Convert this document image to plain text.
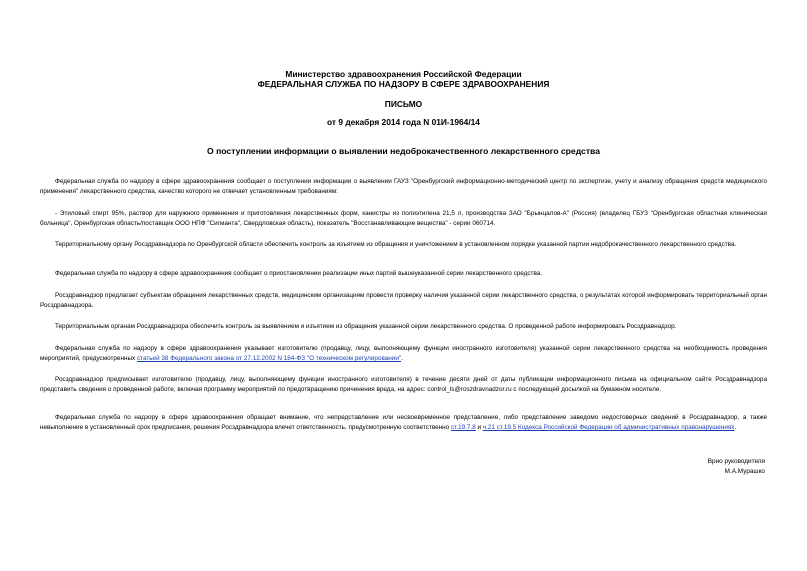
Министерство здравоохранения Российской Федерации
ФЕДЕРАЛЬНАЯ СЛУЖБА ПО НАДЗОРУ В СФЕРЕ ЗДРАВООХРАНЕНИЯ
ПИСЬМО
от 9 декабря 2014 года N 01И-1964/14
О поступлении информации о выявлении недоброкачественного лекарственного средства

Федеральная служба по надзору в сфере здравоохранения сообщает о поступлении информации о выявлении ГАУЗ "Оренбургский информационно-методический центр по экспертизе, учету и анализу обращения средств медицинского применения" лекарственного средства, качество которого не отвечает установленным требованиям:

- Этиловый спирт 95%, раствор для наружного применения и приготовления лекарственных форм, канистры из полиэтилена 21,5 л, производства ЗАО "Брынцалов-А" (Россия) (владелец ГБУЗ "Оренбургская областная клиническая больница", Оренбургская область/поставщик ООО НПФ "Сигманта", Свердловская область), показатель "Восстанавливающие вещества" - серии 060714.

Территориальному органу Росздравнадзора по Оренбургской области обеспечить контроль за изъятием из обращения и уничтожением в установленном порядке указанной партии недоброкачественного лекарственного средства.

Федеральная служба по надзору в сфере здравоохранения сообщает о приостановлении реализации иных партий вышеуказанной серии лекарственного средства.

Росздравнадзор предлагает субъектам обращения лекарственных средств, медицинским организациям провести проверку наличия указанной серии лекарственного средства, о результатах которой информировать территориальный орган Росздравнадзора.

Территориальным органам Росздравнадзора обеспечить контроль за выявлением и изъятием из обращения указанной серии лекарственного средства. О проведенной работе информировать Росздравнадзор.

Федеральная служба по надзору в сфере здравоохранения указывает изготовителю (продавцу, лицу, выполняющему функции иностранного изготовителя) указанной серии лекарственного средства на необходимость проведения мероприятий, предусмотренных статьей 38 Федерального закона от 27.12.2002 N 184-ФЗ "О техническом регулировании".

Росздравнадзор предписывает изготовителю (продавцу, лицу, выполняющему функции иностранного изготовителя) в течение десяти дней от даты публикации информационного письма на официальном сайте Росздравнадзора представить сведения о проведенной работе, включая программу мероприятий по предотвращению причинения вреда, на адрес: control_ls@roszdravnadzor.ru с последующей досылкой на бумажном носителе.

Федеральная служба по надзору в сфере здравоохранения обращает внимание, что непредставление или несвоевременное представление, либо представление заведомо недостоверных сведений в Росздравнадзор, а также невыполнение в установленный срок предписания, решения Росздравнадзора влечет ответственность, предусмотренную соответственно ст.19.7.8 и ч.21 ст.19.5 Кодекса Российской Федерации об административных правонарушениях.

Врио руководителя
М.А.Мурашко
